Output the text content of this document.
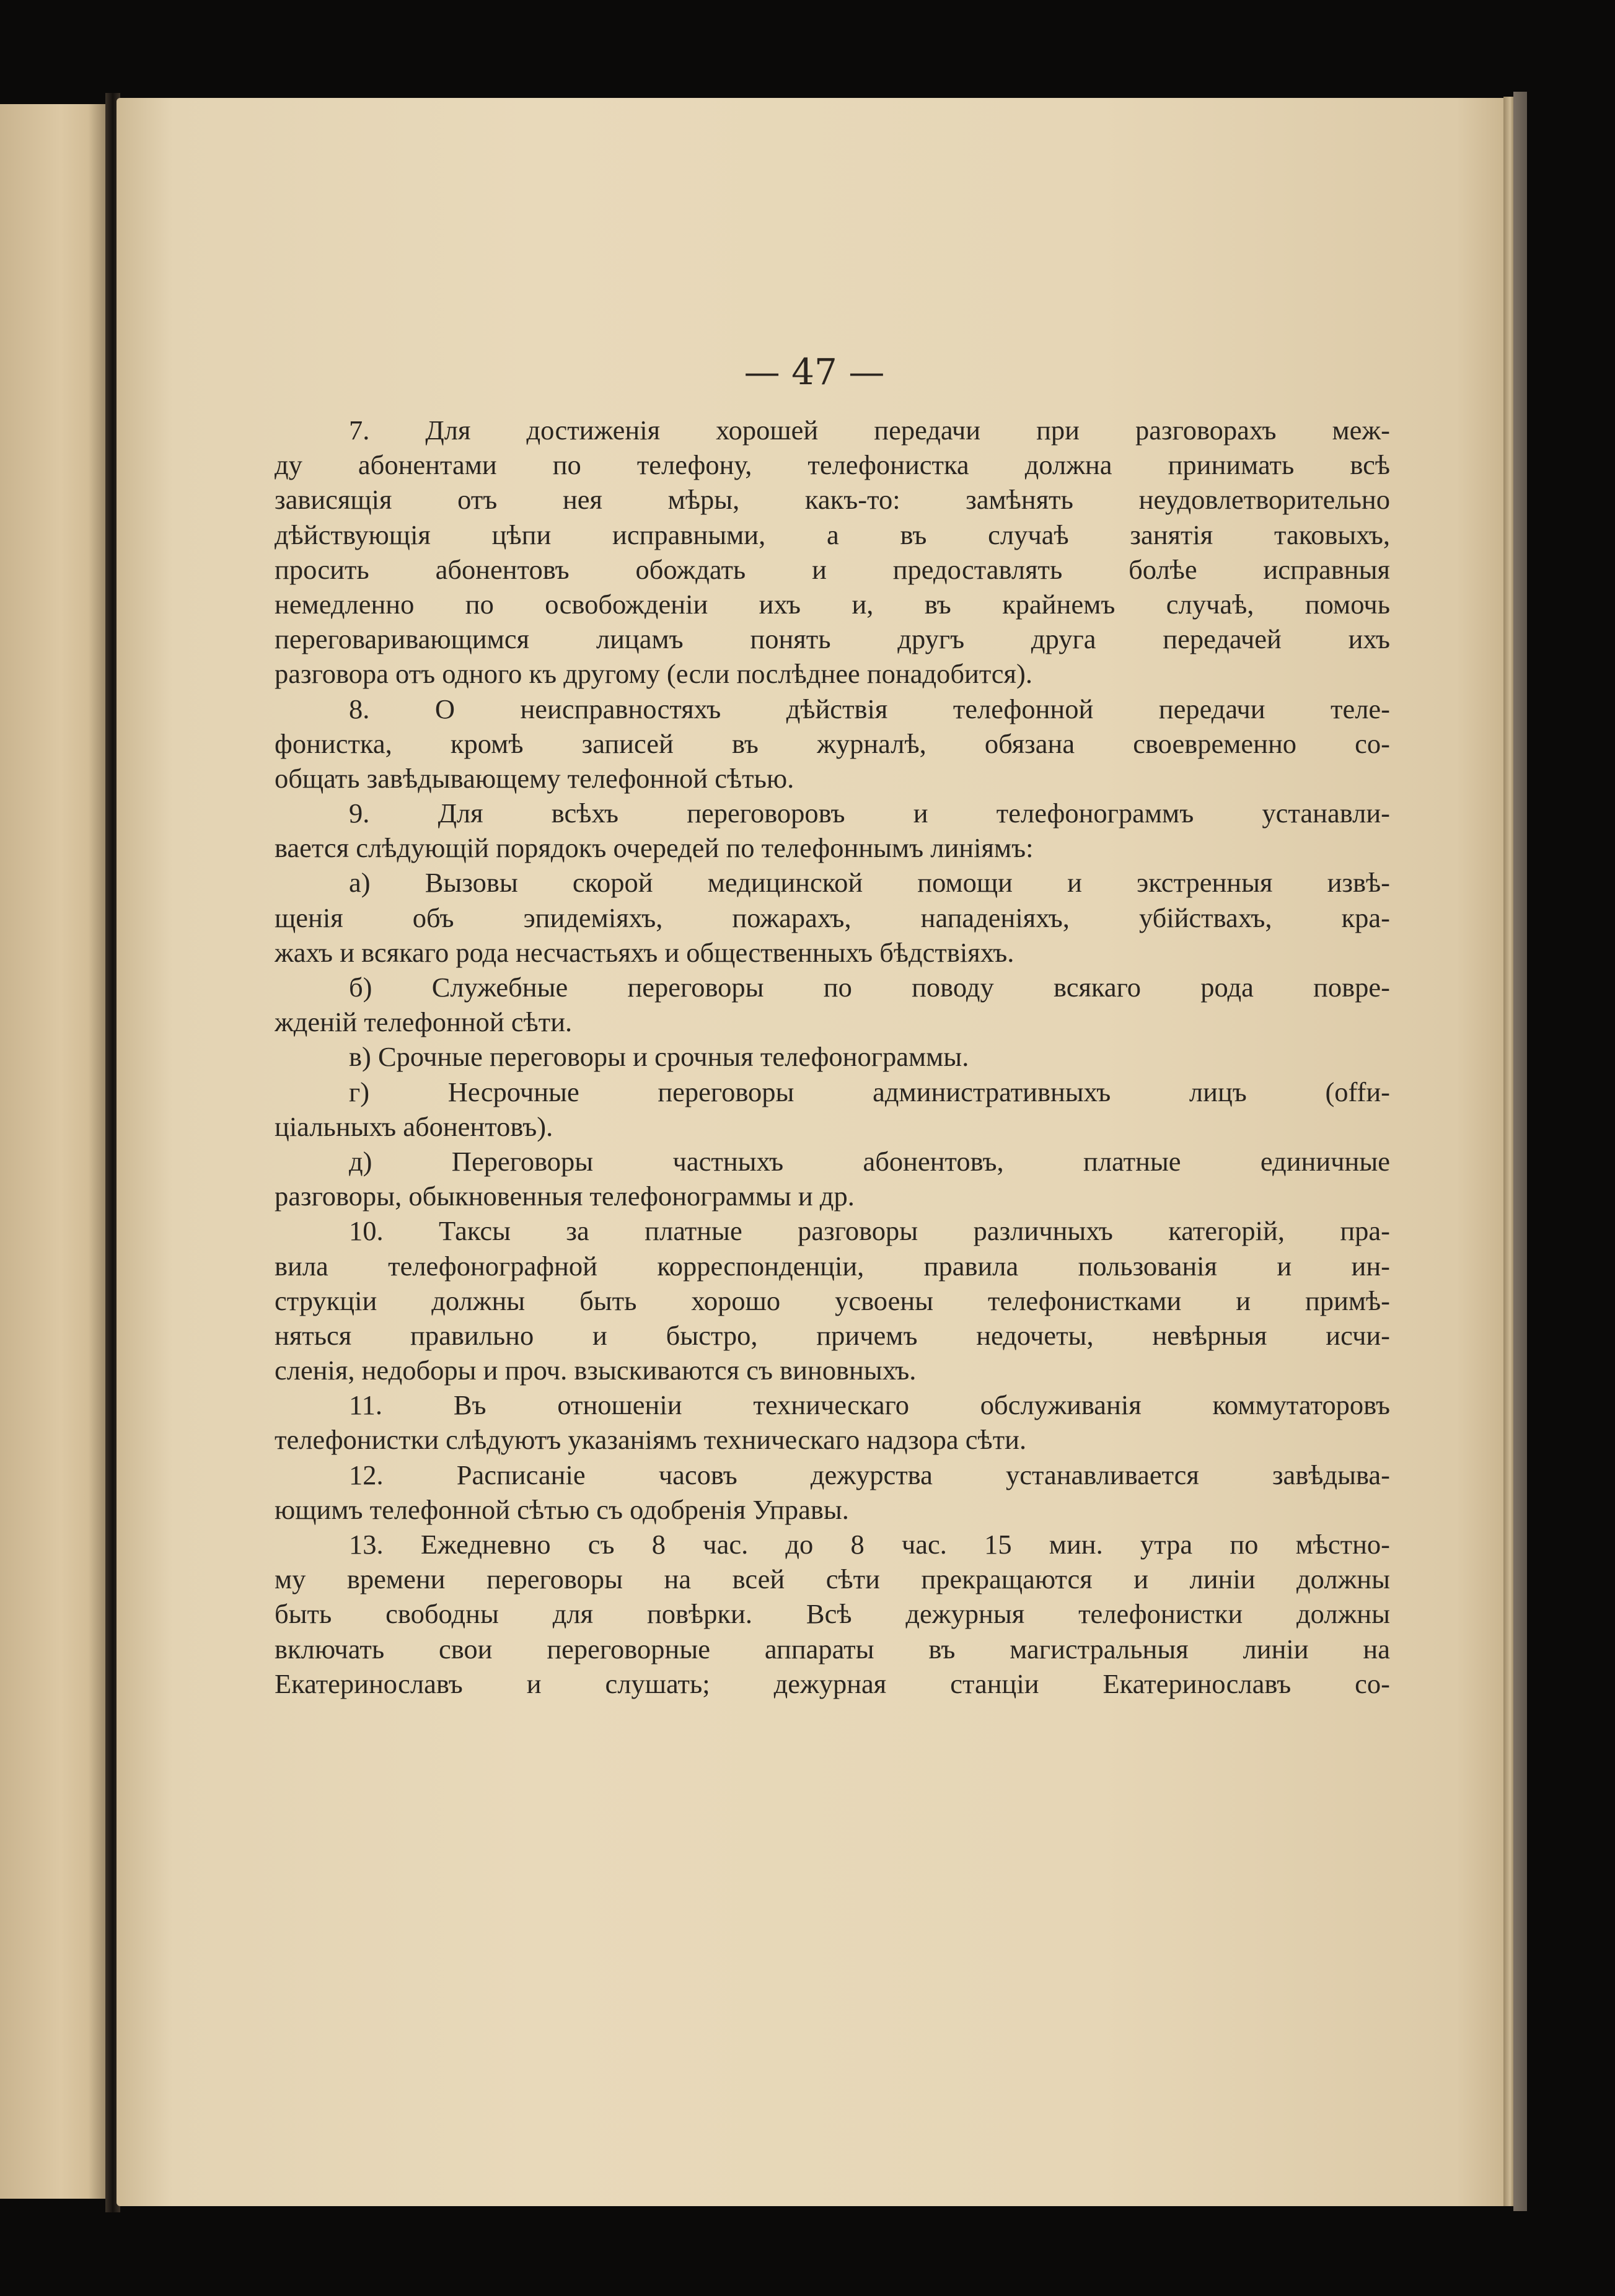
— 47 —
7. Для достиженія хорошей передачи при разговорахъ меж-
ду абонентами по телефону, телефонистка должна принимать всѣ
зависящія отъ нея мѣры, какъ-то: замѣнять неудовлетворительно
дѣйствующія цѣпи исправными, а въ случаѣ занятія таковыхъ,
просить абонентовъ обождать и предоставлять болѣе исправныя
немедленно по освобожденіи ихъ и, въ крайнемъ случаѣ, помочь
переговаривающимся лицамъ понять другъ друга передачей ихъ
разговора отъ одного къ другому (если послѣднее понадобится).
8. О неисправностяхъ дѣйствія телефонной передачи теле-
фонистка, кромѣ записей въ журналѣ, обязана своевременно со-
общать завѣдывающему телефонной сѣтью.
9. Для всѣхъ переговоровъ и телефонограммъ устанавли-
вается слѣдующій порядокъ очередей по телефоннымъ линіямъ:
а) Вызовы скорой медицинской помощи и экстренныя извѣ-
щенія объ эпидеміяхъ, пожарахъ, нападеніяхъ, убійствахъ, кра-
жахъ и всякаго рода несчастьяхъ и общественныхъ бѣдствіяхъ.
б) Служебные переговоры по поводу всякаго рода повре-
жденій телефонной сѣти.
в) Срочные переговоры и срочныя телефонограммы.
г) Несрочные переговоры административныхъ лицъ (offи-
ціальныхъ абонентовъ).
д) Переговоры частныхъ абонентовъ, платные единичные
разговоры, обыкновенныя телефонограммы и др.
10. Таксы за платные разговоры различныхъ категорій, пра-
вила телефонографной корреспонденціи, правила пользованія и ин-
струкціи должны быть хорошо усвоены телефонистками и примѣ-
няться правильно и быстро, причемъ недочеты, невѣрныя исчи-
сленія, недоборы и проч. взыскиваются съ виновныхъ.
11. Въ отношеніи техническаго обслуживанія коммутаторовъ
телефонистки слѣдуютъ указаніямъ техническаго надзора сѣти.
12. Расписаніе часовъ дежурства устанавливается завѣдыва-
ющимъ телефонной сѣтью съ одобренія Управы.
13. Ежедневно съ 8 час. до 8 час. 15 мин. утра по мѣстно-
му времени переговоры на всей сѣти прекращаются и линіи должны
быть свободны для повѣрки. Всѣ дежурныя телефонистки должны
включать свои переговорные аппараты въ магистральныя линіи на
Екатеринославъ и слушать; дежурная станціи Екатеринославъ со-
